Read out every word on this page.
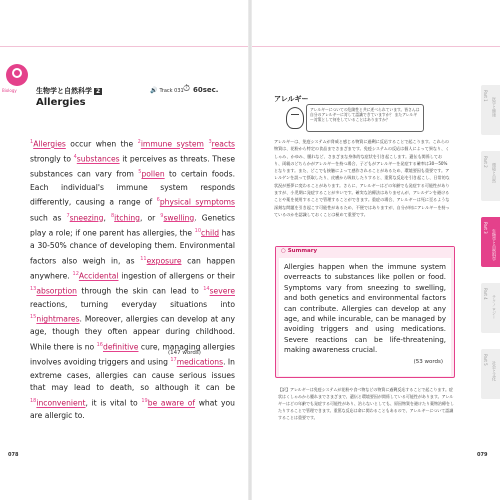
Biology	生物学と自然科学 2	🔊 Track 031 ⏱ 60sec.
Allergies
$^1$Allergies occur when the $^2$immune system $^3$reacts strongly to $^4$substances it perceives as threats. These substances can vary from $^5$pollen to certain foods. Each individual's immune system responds differently, causing a range of $^6$physical symptoms such as $^7$sneezing, $^8$itching, or $^9$swelling. Genetics play a role; if one parent has allergies, the $^{10}$child has a 30-50% chance of developing them. Environmental factors also weigh in, as $^{11}$exposure can happen anywhere. $^{12}$Accidental ingestion of allergens or their $^{13}$absorption through the skin can lead to $^{14}$severe reactions, turning everyday situations into $^{15}$nightmares. Moreover, allergies can develop at any age, though they often appear during childhood. While there is no $^{16}$definitive cure, managing allergies involves avoiding triggers and using $^{17}$medications. In extreme cases, allergies can cause serious issues that may lead to death, so although it can be $^{18}$inconvenient, it is vital to $^{19}$be aware of what you are allergic to.
(147 words)
078
アレルギー
アレルギーについての危険性と共に述べられています。皆さんは自分のアレルギーに対して認識できていますか？ またアレルギー対策として何をしていることはありますか？
アレルギーは、免疫システムが脅威と感じる物質に過剰に反応することで起こります。これらの物質は、花粉から特定の食品までさまざまです。免疫システムの反応は個人によって異なり、くしゃみ、かゆみ、腫れなど、さまざまな身体的な症状を引き起こします。遺伝も関係しており、両親のどちらかがアレルギーを持つ場合、子どもがアレルギーを発症する確率は30～50%となります。また、どこでも接触によって感作されることがあるため、環境要因も重要です。アレルゲンを誤って摂取したり、皮膚から吸収したりすると、重篤な反応を引き起こし、日常的な状況が悪夢に変わることがあります。さらに、アレルギーはどの年齢でも発症する可能性がありますが、小児期に発症することが多いです。確実な治療法はありませんが、アレルゲンを避けることや薬を使用することで管理することができます。重症の場合、アレルギーは死に至るような深刻な問題を引き起こす可能性があるため、不便ではありますが、自分が何にアレルギーを持っているのかを認識しておくことは極めて重要です。
○ Summary
Allergies happen when the immune system overreacts to substances like pollen or food. Symptoms vary from sneezing to swelling, and both genetics and environmental factors can contribute. Allergies can develop at any age, and while incurable, can be managed by avoiding triggers and using medications. Severe reactions can be life-threatening, making awareness crucial.
(53 words)
【訳】アレルギーは免疫システムが花粉や食べ物などの物質に過剰反応することで起こります。症状はくしゃみから腫れまでさまざまで、遺伝と環境要因が関係している可能性があります。アレルギーはどの年齢でも発症する可能性があり、治らないとしても、原因物質を避けたり薬物治療をしたりすることで管理できます。重篤な反応は命に関わることもあるので、アレルギーについて認識することは重要です。
079
Part 1
医学と健康
Part 2
環境と自然
Part 3
生物学と自然科学
Part 4
テクノロジー
Part 5
社会と文化
